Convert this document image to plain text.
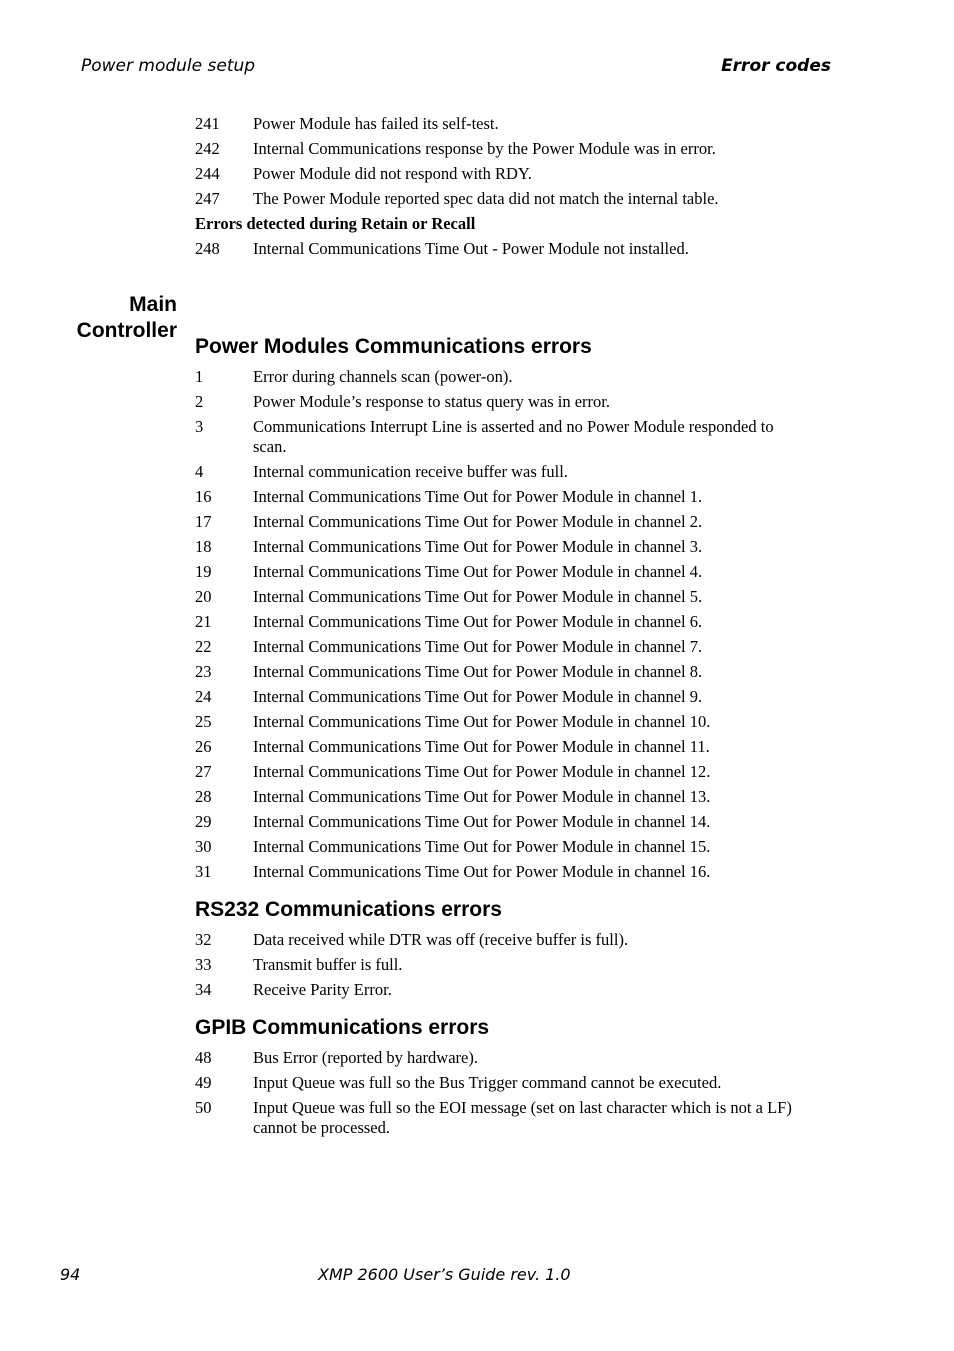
Power module setup	Error codes
Main
Controller
241	Power Module has failed its self-test.
242	Internal Communications response by the Power Module was in error.
244	Power Module did not respond with RDY.
247	The Power Module reported spec data did not match the internal table.
Errors detected during Retain or Recall
248	Internal Communications Time Out - Power Module not installed.
Power Modules Communications errors
1	Error during channels scan (power-on).
2	Power Module’s response to status query was in error.
3	Communications Interrupt Line is asserted and no Power Module responded to scan.
4	Internal communication receive buffer was full.
16	Internal Communications Time Out for Power Module in channel 1.
17	Internal Communications Time Out for Power Module in channel 2.
18	Internal Communications Time Out for Power Module in channel 3.
19	Internal Communications Time Out for Power Module in channel 4.
20	Internal Communications Time Out for Power Module in channel 5.
21	Internal Communications Time Out for Power Module in channel 6.
22	Internal Communications Time Out for Power Module in channel 7.
23	Internal Communications Time Out for Power Module in channel 8.
24	Internal Communications Time Out for Power Module in channel 9.
25	Internal Communications Time Out for Power Module in channel 10.
26	Internal Communications Time Out for Power Module in channel 11.
27	Internal Communications Time Out for Power Module in channel 12.
28	Internal Communications Time Out for Power Module in channel 13.
29	Internal Communications Time Out for Power Module in channel 14.
30	Internal Communications Time Out for Power Module in channel 15.
31	Internal Communications Time Out for Power Module in channel 16.
RS232 Communications errors
32	Data received while DTR was off (receive buffer is full).
33	Transmit buffer is full.
34	Receive Parity Error.
GPIB Communications errors
48	Bus Error (reported by hardware).
49	Input Queue was full so the Bus Trigger command cannot be executed.
50	Input Queue was full so the EOI message (set on last character which is not a LF) cannot be processed.
94	XMP 2600 User’s Guide rev. 1.0
